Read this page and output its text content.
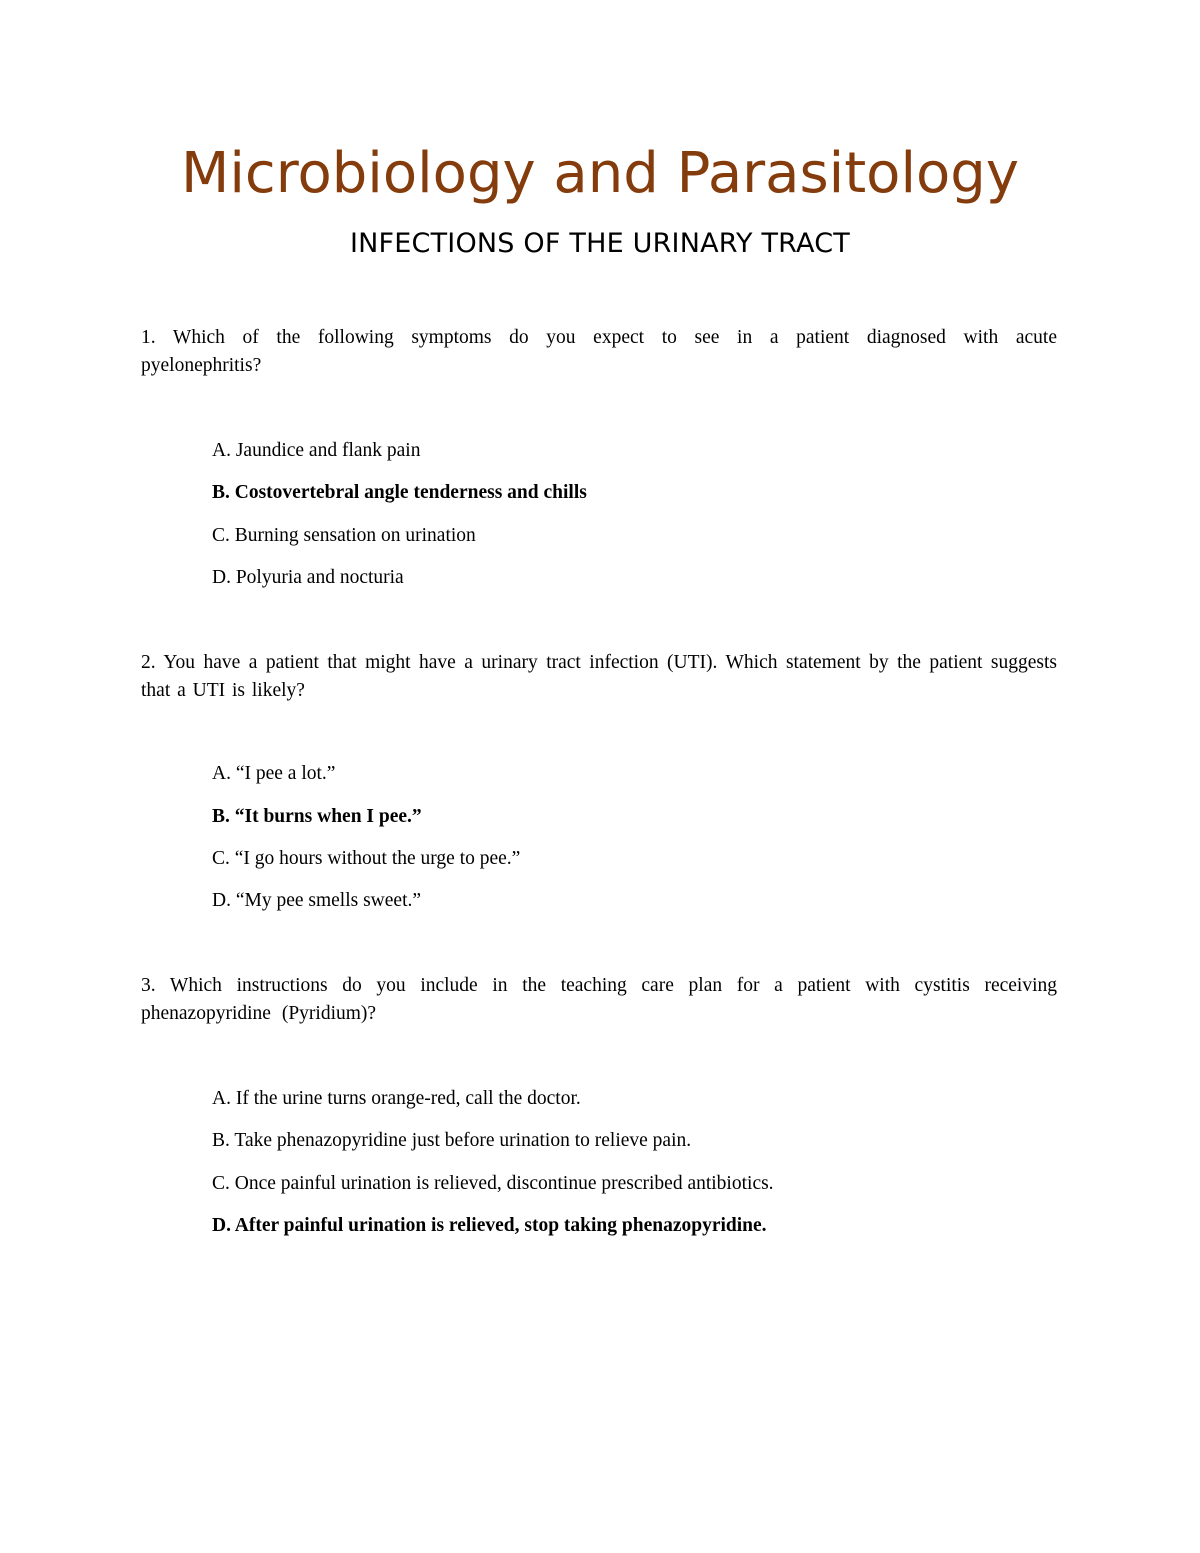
Microbiology and Parasitology
INFECTIONS OF THE URINARY TRACT

1. Which of the following symptoms do you expect to see in a patient diagnosed with acute pyelonephritis?

A. Jaundice and flank pain

B. Costovertebral angle tenderness and chills

C. Burning sensation on urination

D. Polyuria and nocturia

2. You have a patient that might have a urinary tract infection (UTI). Which statement by the patient suggests that a UTI is likely?

A. “I pee a lot.”

B. “It burns when I pee.”

C. “I go hours without the urge to pee.”

D. “My pee smells sweet.”

3. Which instructions do you include in the teaching care plan for a patient with cystitis receiving phenazopyridine (Pyridium)?

A. If the urine turns orange-red, call the doctor.

B. Take phenazopyridine just before urination to relieve pain.

C. Once painful urination is relieved, discontinue prescribed antibiotics.

D. After painful urination is relieved, stop taking phenazopyridine.
